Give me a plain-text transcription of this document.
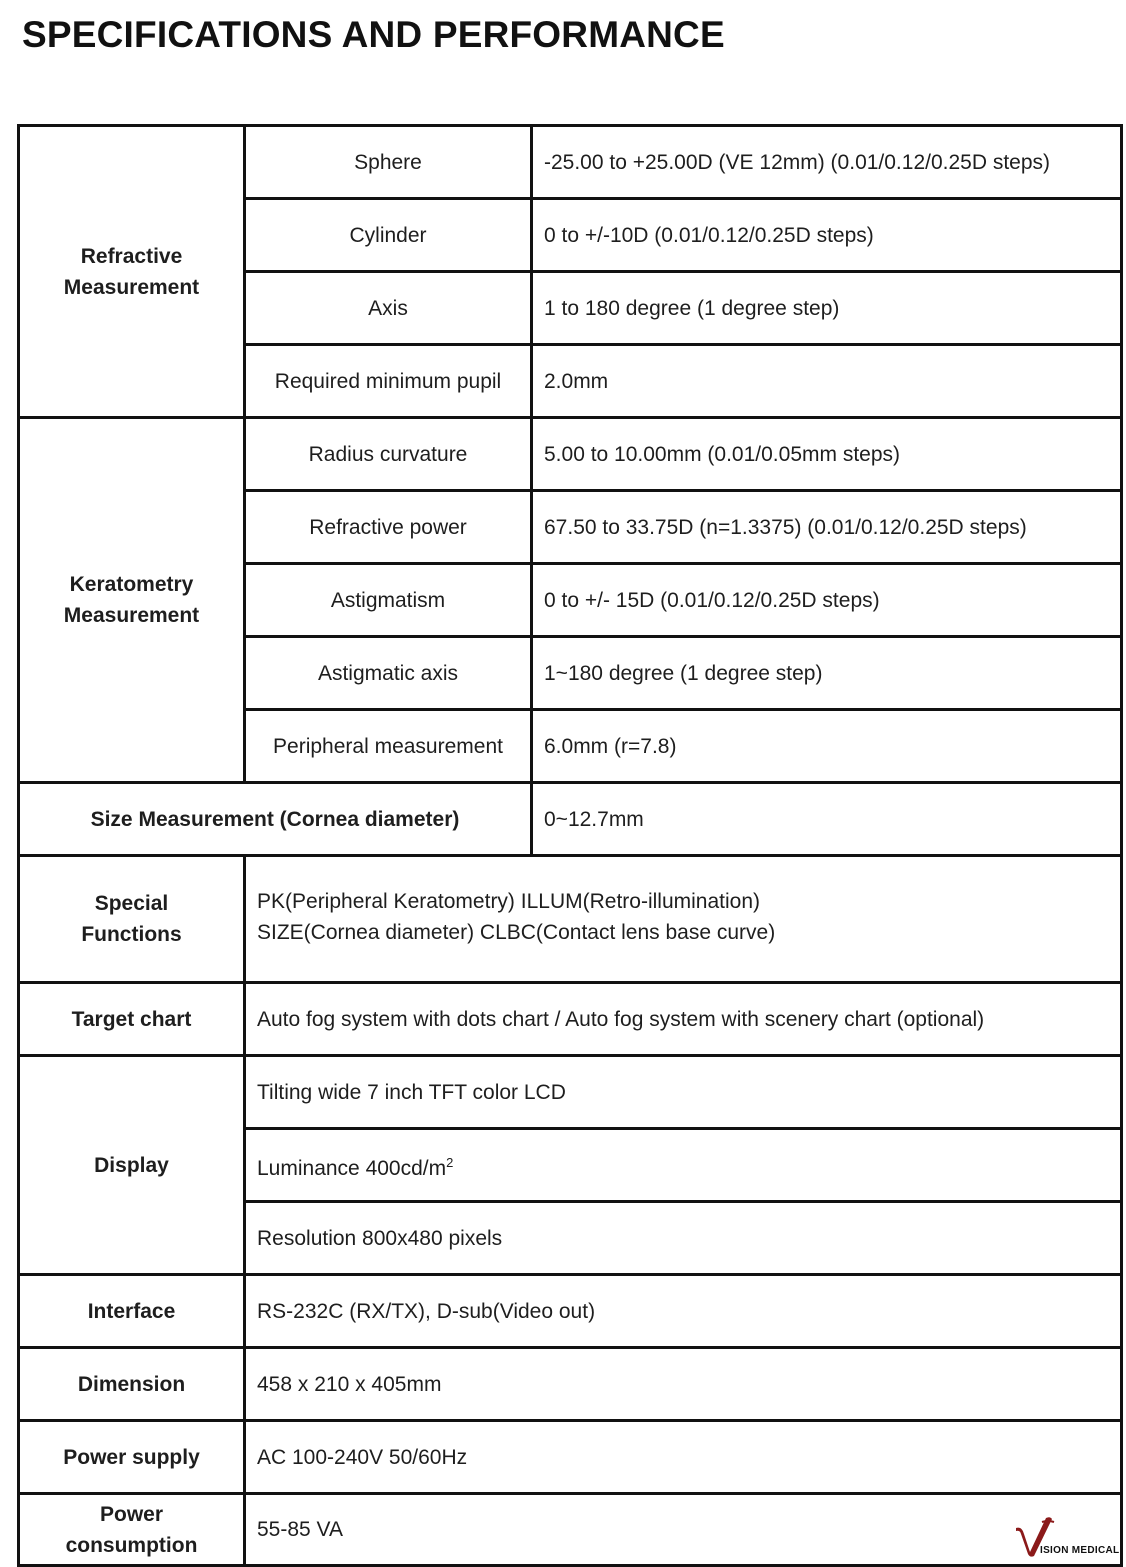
SPECIFICATIONS AND PERFORMANCE
Refractive
Measurement	Sphere	-25.00 to +25.00D (VE 12mm) (0.01/0.12/0.25D steps)
	Cylinder	0 to +/-10D (0.01/0.12/0.25D steps)
	Axis	1 to 180 degree (1 degree step)
	Required minimum pupil	2.0mm
Keratometry
Measurement	Radius curvature	5.00 to 10.00mm (0.01/0.05mm steps)
	Refractive power	67.50 to 33.75D (n=1.3375) (0.01/0.12/0.25D steps)
	Astigmatism	0 to +/- 15D (0.01/0.12/0.25D steps)
	Astigmatic axis	1~180 degree (1 degree step)
	Peripheral measurement	6.0mm (r=7.8)
Size Measurement (Cornea diameter)		0~12.7mm
Special
Functions	PK(Peripheral Keratometry) ILLUM(Retro-illumination)
SIZE(Cornea diameter) CLBC(Contact lens base curve)	
Target chart	Auto fog system with dots chart / Auto fog system with scenery chart (optional)	
Display	Tilting wide 7 inch TFT color LCD	
	Luminance $400cd/m^2$
	Resolution 800x480 pixels	
Interface	RS-232C (RX/TX), D-sub(Video out)	
Dimension	458 x 210 x 405mm	
Power supply	AC 100-240V 50/60Hz	
Power
consumption	55-85 VA	
ISION MEDICAL
